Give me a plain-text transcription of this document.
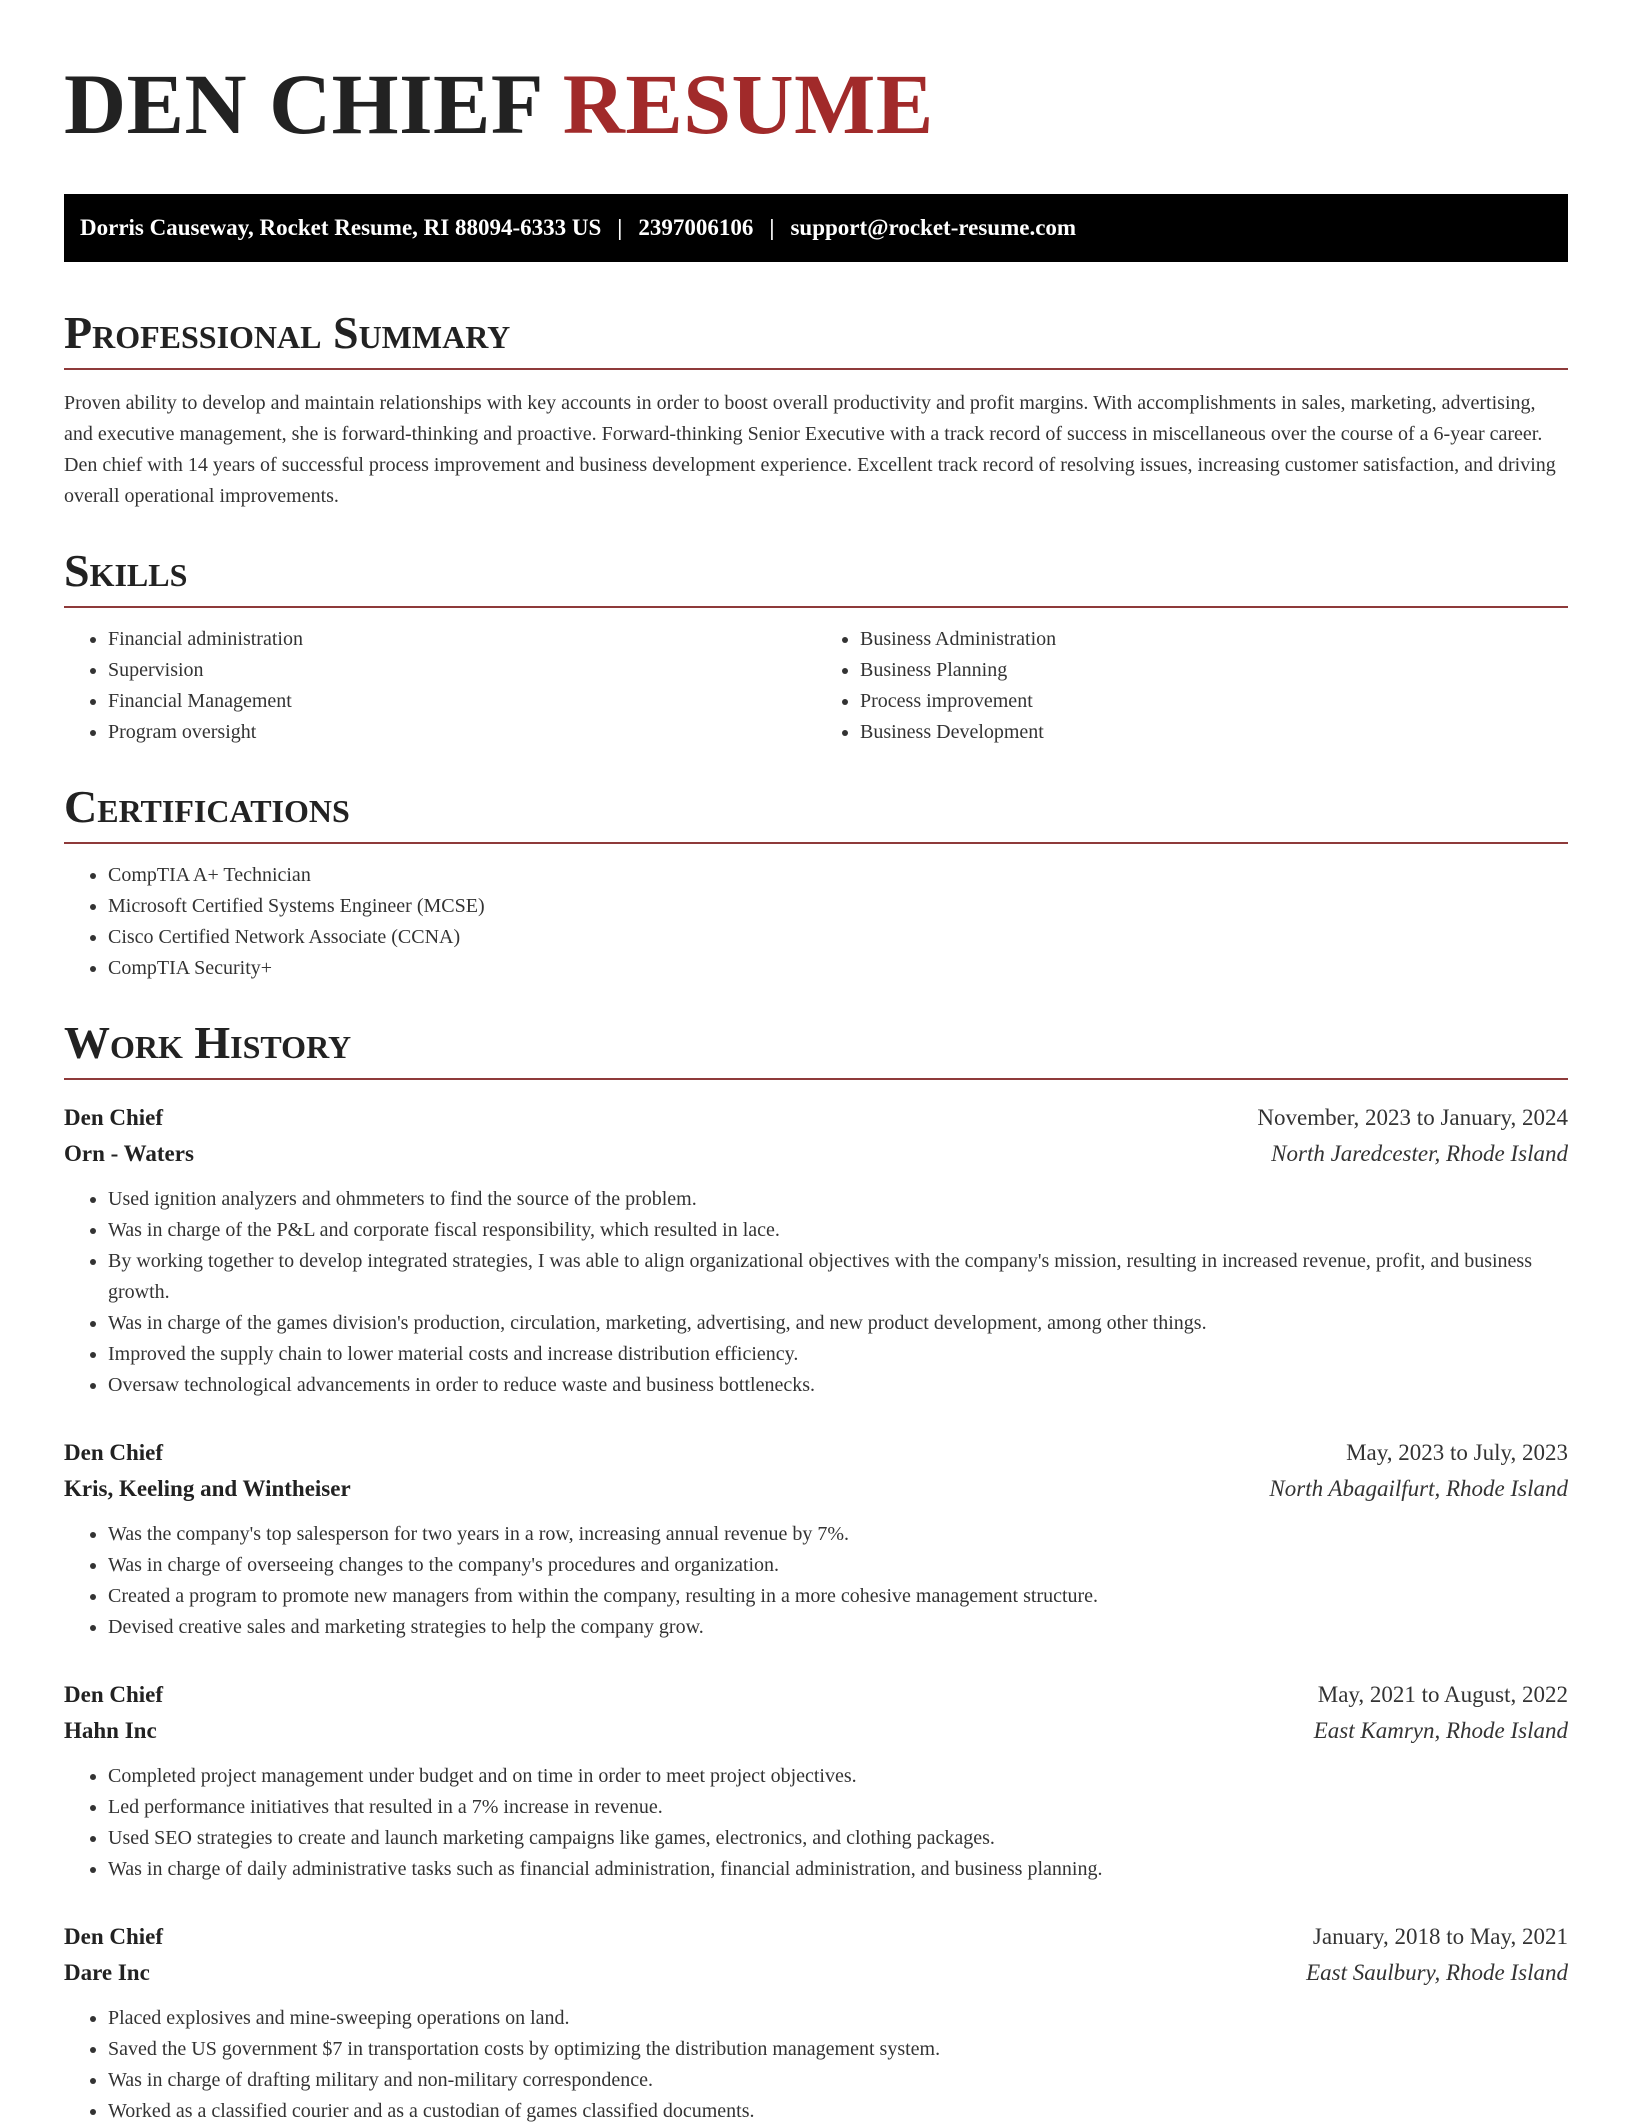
DEN CHIEF RESUME
Dorris Causeway, Rocket Resume, RI 88094-6333 US | 2397006106 | support@rocket-resume.com
Professional Summary

Proven ability to develop and maintain relationships with key accounts in order to boost overall productivity and profit margins. With accomplishments in sales, marketing, advertising, and executive management, she is forward-thinking and proactive. Forward-thinking Senior Executive with a track record of success in miscellaneous over the course of a 6-year career. Den chief with 14 years of successful process improvement and business development experience. Excellent track record of resolving issues, increasing customer satisfaction, and driving overall operational improvements.

Skills
• Financial administration
• Supervision
• Financial Management
• Program oversight
• Business Administration
• Business Planning
• Process improvement
• Business Development
Certifications
• CompTIA A+ Technician
• Microsoft Certified Systems Engineer (MCSE)
• Cisco Certified Network Associate (CCNA)
• CompTIA Security+
Work History
Den Chief	November, 2023 to January, 2024
Orn - Waters	North Jaredcester, Rhode Island
• Used ignition analyzers and ohmmeters to find the source of the problem.
• Was in charge of the P&L and corporate fiscal responsibility, which resulted in lace.
• By working together to develop integrated strategies, I was able to align organizational objectives with the company's mission, resulting in increased revenue, profit, and business growth.
• Was in charge of the games division's production, circulation, marketing, advertising, and new product development, among other things.
• Improved the supply chain to lower material costs and increase distribution efficiency.
• Oversaw technological advancements in order to reduce waste and business bottlenecks.
Den Chief	May, 2023 to July, 2023
Kris, Keeling and Wintheiser	North Abagailfurt, Rhode Island
• Was the company's top salesperson for two years in a row, increasing annual revenue by 7%.
• Was in charge of overseeing changes to the company's procedures and organization.
• Created a program to promote new managers from within the company, resulting in a more cohesive management structure.
• Devised creative sales and marketing strategies to help the company grow.
Den Chief	May, 2021 to August, 2022
Hahn Inc	East Kamryn, Rhode Island
• Completed project management under budget and on time in order to meet project objectives.
• Led performance initiatives that resulted in a 7% increase in revenue.
• Used SEO strategies to create and launch marketing campaigns like games, electronics, and clothing packages.
• Was in charge of daily administrative tasks such as financial administration, financial administration, and business planning.
Den Chief	January, 2018 to May, 2021
Dare Inc	East Saulbury, Rhode Island
• Placed explosives and mine-sweeping operations on land.
• Saved the US government $7 in transportation costs by optimizing the distribution management system.
• Was in charge of drafting military and non-military correspondence.
• Worked as a classified courier and as a custodian of games classified documents.
